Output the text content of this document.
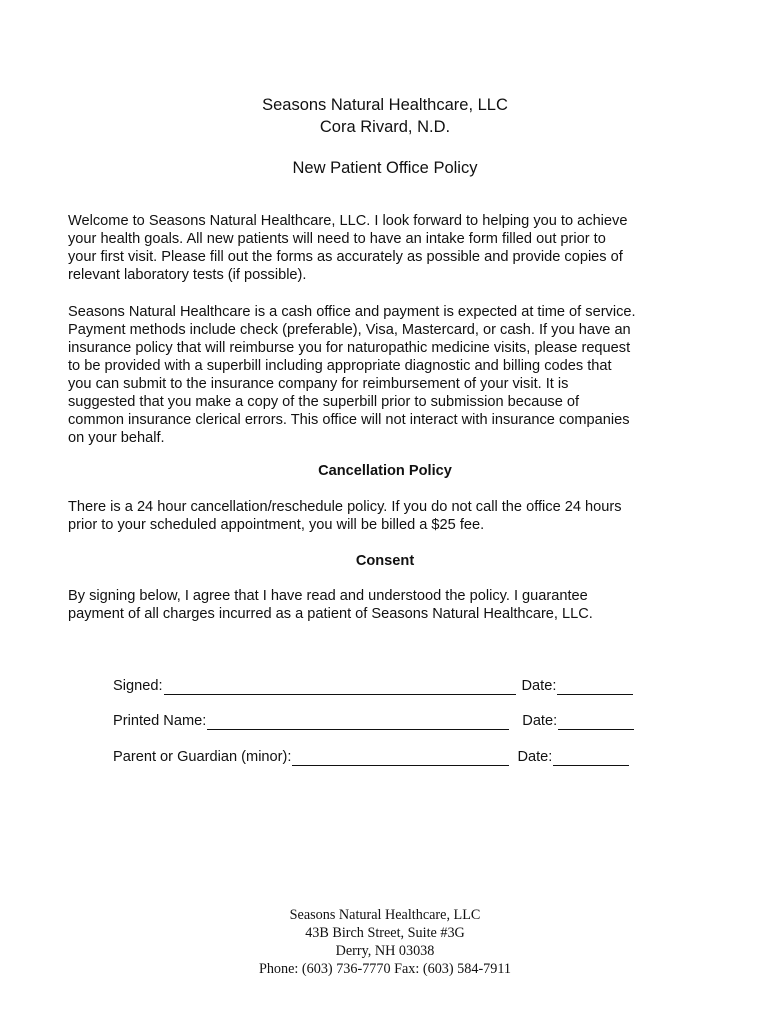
Seasons Natural Healthcare, LLC
Cora Rivard, N.D.
New Patient Office Policy
Welcome to Seasons Natural Healthcare, LLC. I look forward to helping you to achieve
your health goals. All new patients will need to have an intake form filled out prior to
your first visit. Please fill out the forms as accurately as possible and provide copies of
relevant laboratory tests (if possible).
Seasons Natural Healthcare is a cash office and payment is expected at time of service.
Payment methods include check (preferable), Visa, Mastercard, or cash. If you have an
insurance policy that will reimburse you for naturopathic medicine visits, please request
to be provided with a superbill including appropriate diagnostic and billing codes that
you can submit to the insurance company for reimbursement of your visit. It is
suggested that you make a copy of the superbill prior to submission because of
common insurance clerical errors. This office will not interact with insurance companies
on your behalf.
Cancellation Policy
There is a 24 hour cancellation/reschedule policy. If you do not call the office 24 hours
prior to your scheduled appointment, you will be billed a $25 fee.
Consent
By signing below, I agree that I have read and understood the policy. I guarantee
payment of all charges incurred as a patient of Seasons Natural Healthcare, LLC.
Signed:	Date:
Printed Name:	Date:
Parent or Guardian (minor):	Date:
Seasons Natural Healthcare, LLC
43B Birch Street, Suite #3G
Derry, NH 03038
Phone: (603) 736-7770 Fax: (603) 584-7911
